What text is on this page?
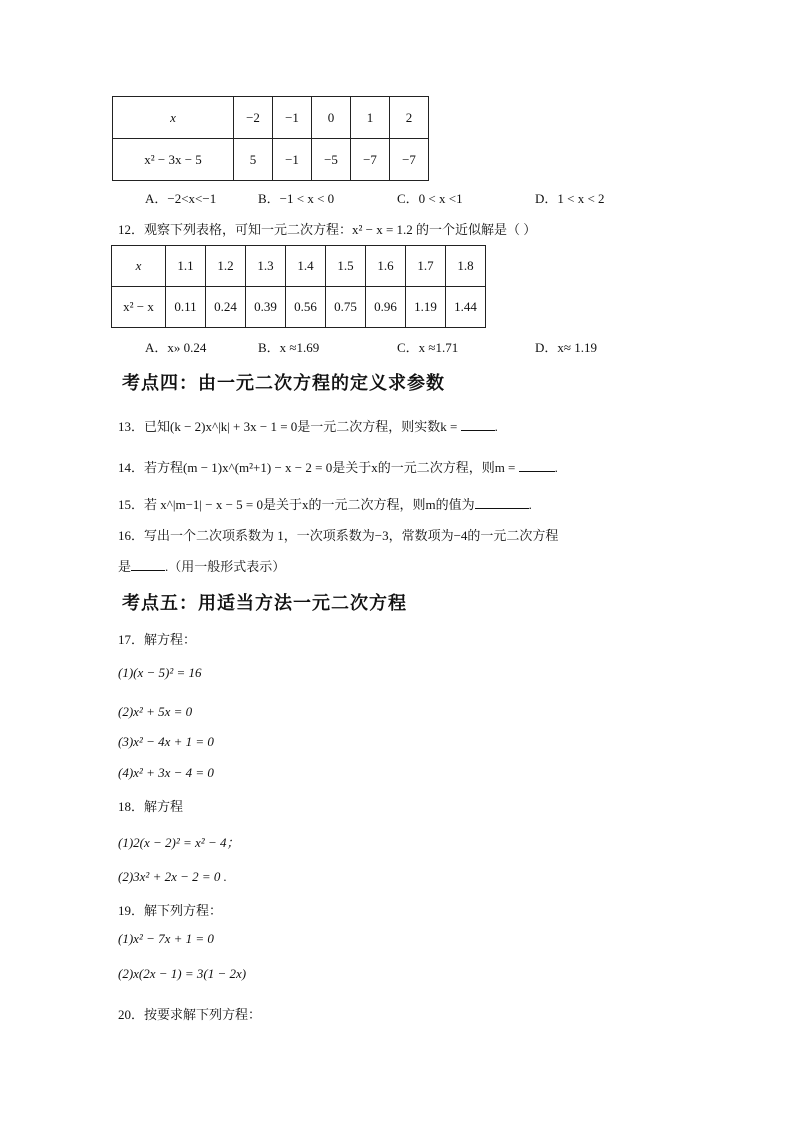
x	−2	−1	0	1	2
x² − 3x − 5	5	−1	−5	−7	−7
A．−2<x<−1	B．−1 < x < 0	C．0 < x <1	D．1 < x < 2
12．观察下列表格，可知一元二次方程：x² − x = 1.2 的一个近似解是（ ）
x	1.1	1.2	1.3	1.4	1.5	1.6	1.7	1.8
x² − x	0.11	0.24	0.39	0.56	0.75	0.96	1.19	1.44
A．x» 0.24	B．x ≈1.69	C．x ≈1.71	D．x≈ 1.19
考点四：由一元二次方程的定义求参数
13．已知(k − 2)x^|k| + 3x − 1 = 0是一元二次方程，则实数k =	.
14．若方程(m − 1)x^(m²+1) − x − 2 = 0是关于x的一元二次方程，则m =	.
15．若 x^|m−1| − x − 5 = 0是关于x的一元二次方程，则m的值为	.
16．写出一个二次项系数为 1，一次项系数为−3，常数项为−4的一元二次方程
是	.（用一般形式表示）
考点五：用适当方法一元二次方程
17．解方程：
(1)(x − 5)² = 16
(2)x² + 5x = 0
(3)x² − 4x + 1 = 0
(4)x² + 3x − 4 = 0
18．解方程
(1)2(x − 2)² = x² − 4；
(2)3x² + 2x − 2 = 0 .
19．解下列方程：
(1)x² − 7x + 1 = 0
(2)x(2x − 1) = 3(1 − 2x)
20．按要求解下列方程：
